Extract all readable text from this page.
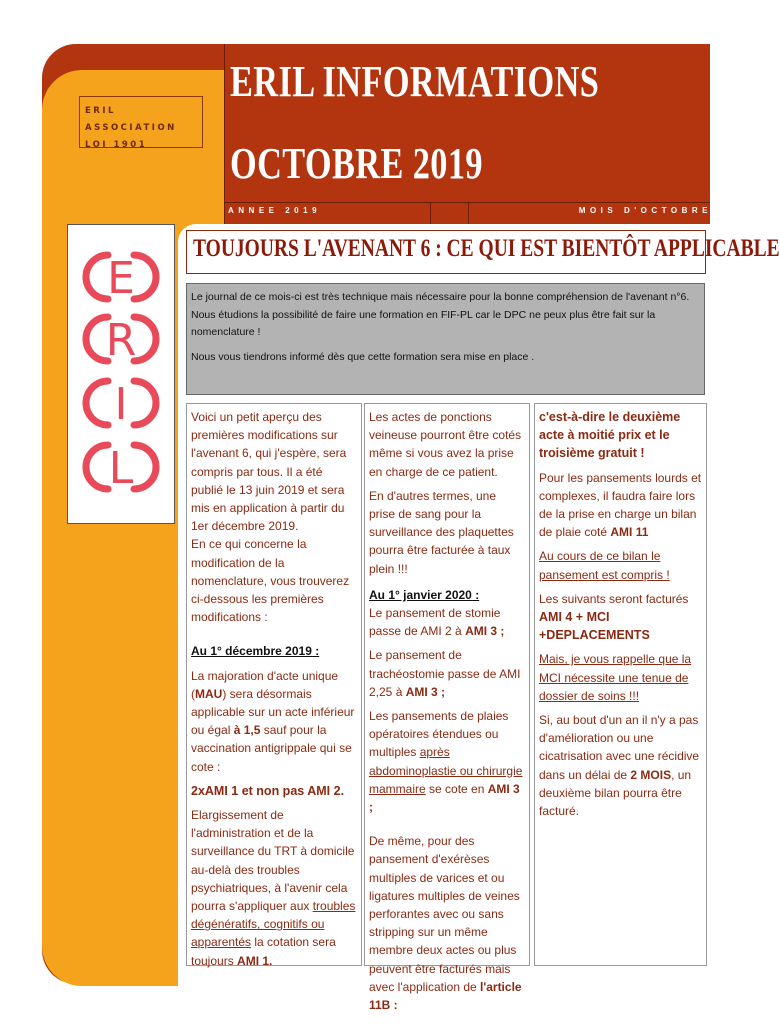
ERIL ASSOCIATION
LOI 1901
ERIL INFORMATIONS
OCTOBRE 2019
ANNEE 2019	MOIS D'OCTOBRE
E
R
I
L
TOUJOURS L'AVENANT 6 : CE QUI EST BIENTÔT APPLICABLE

Le journal de ce mois-ci est très technique mais nécessaire pour la bonne compréhension de l'avenant n°6.

Nous étudions la possibilité de faire une formation en FIF-PL car le DPC ne peux plus être fait sur la nomenclature !

Nous vous tiendrons informé dès que cette formation sera mise en place .

Voici un petit aperçu des premières modifications sur l'avenant 6, qui j'espère, sera compris par tous. Il a été publié le 13 juin 2019 et sera mis en application à partir du 1er décembre 2019.

En ce qui concerne la modification de la nomenclature, vous trouverez ci-dessous les premières modifications :

Au 1° décembre 2019 :

La majoration d'acte unique (MAU) sera désormais applicable sur un acte inférieur ou égal à 1,5 sauf pour la vaccination antigrippale qui se cote :

2xAMI 1 et non pas AMI 2.

Elargissement de l'administration et de la surveillance du TRT à domicile au-delà des troubles psychiatriques, à l'avenir cela pourra s'appliquer aux troubles dégénératifs, cognitifs ou apparentés la cotation sera toujours AMI 1.

Les actes de ponctions veineuse pourront être cotés même si vous avez la prise en charge de ce patient.

En d'autres termes, une prise de sang pour la surveillance des plaquettes pourra être facturée à taux plein !!!

Au 1° janvier 2020 :

Le pansement de stomie passe de AMI 2 à AMI 3 ;

Le pansement de trachéostomie passe de AMI 2,25 à AMI 3 ;

Les pansements de plaies opératoires étendues ou multiples après abdominoplastie ou chirurgie mammaire se cote en AMI 3 ;

De même, pour des pansement d'exérèses multiples de varices et ou ligatures multiples de veines perforantes avec ou sans stripping sur un même membre deux actes ou plus peuvent être facturés mais avec l'application de l'article 11B :

c'est-à-dire le deuxième acte à moitié prix et le troisième gratuit !

Pour les pansements lourds et complexes, il faudra faire lors de la prise en charge un bilan de plaie coté AMI 11

Au cours de ce bilan le pansement est compris !

Les suivants seront facturés

AMI 4 + MCI +DEPLACEMENTS

Mais, je vous rappelle que la MCI nécessite une tenue de dossier de soins !!!

Si, au bout d'un an il n'y a pas d'amélioration ou une cicatrisation avec une récidive dans un délai de 2 MOIS, un deuxième bilan pourra être facturé.
